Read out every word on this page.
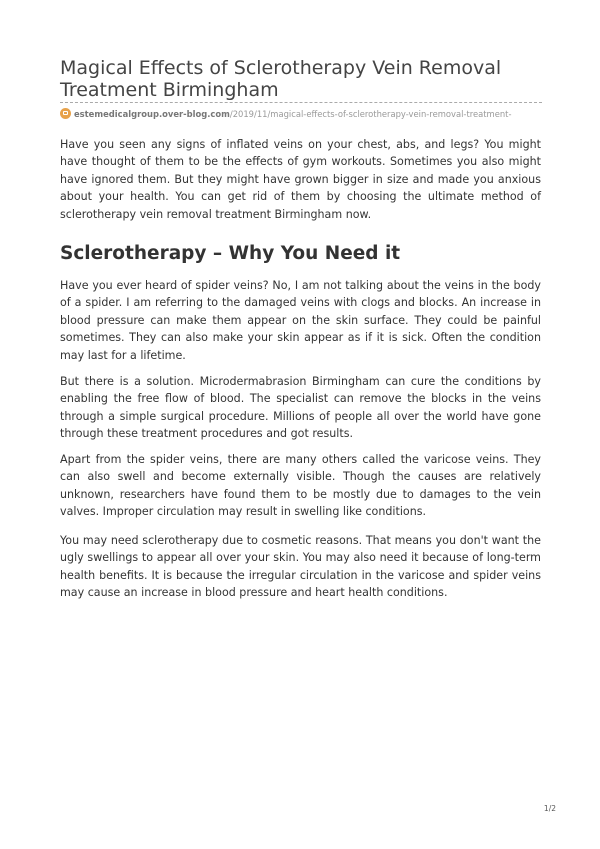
Magical Effects of Sclerotherapy Vein Removal Treatment Birmingham
estemedicalgroup.over-blog.com/2019/11/magical-effects-of-sclerotherapy-vein-removal-treatment-

Have you seen any signs of inflated veins on your chest, abs, and legs? You might have thought of them to be the effects of gym workouts. Sometimes you also might have ignored them. But they might have grown bigger in size and made you anxious about your health. You can get rid of them by choosing the ultimate method of sclerotherapy vein removal treatment Birmingham now.

Sclerotherapy – Why You Need it

Have you ever heard of spider veins? No, I am not talking about the veins in the body of a spider. I am referring to the damaged veins with clogs and blocks. An increase in blood pressure can make them appear on the skin surface. They could be painful sometimes. They can also make your skin appear as if it is sick. Often the condition may last for a lifetime.

But there is a solution. Microdermabrasion Birmingham can cure the conditions by enabling the free flow of blood. The specialist can remove the blocks in the veins through a simple surgical procedure. Millions of people all over the world have gone through these treatment procedures and got results.

Apart from the spider veins, there are many others called the varicose veins. They can also swell and become externally visible. Though the causes are relatively unknown, researchers have found them to be mostly due to damages to the vein valves. Improper circulation may result in swelling like conditions.

You may need sclerotherapy due to cosmetic reasons. That means you don't want the ugly swellings to appear all over your skin. You may also need it because of long-term health benefits. It is because the irregular circulation in the varicose and spider veins may cause an increase in blood pressure and heart health conditions.

1/2
